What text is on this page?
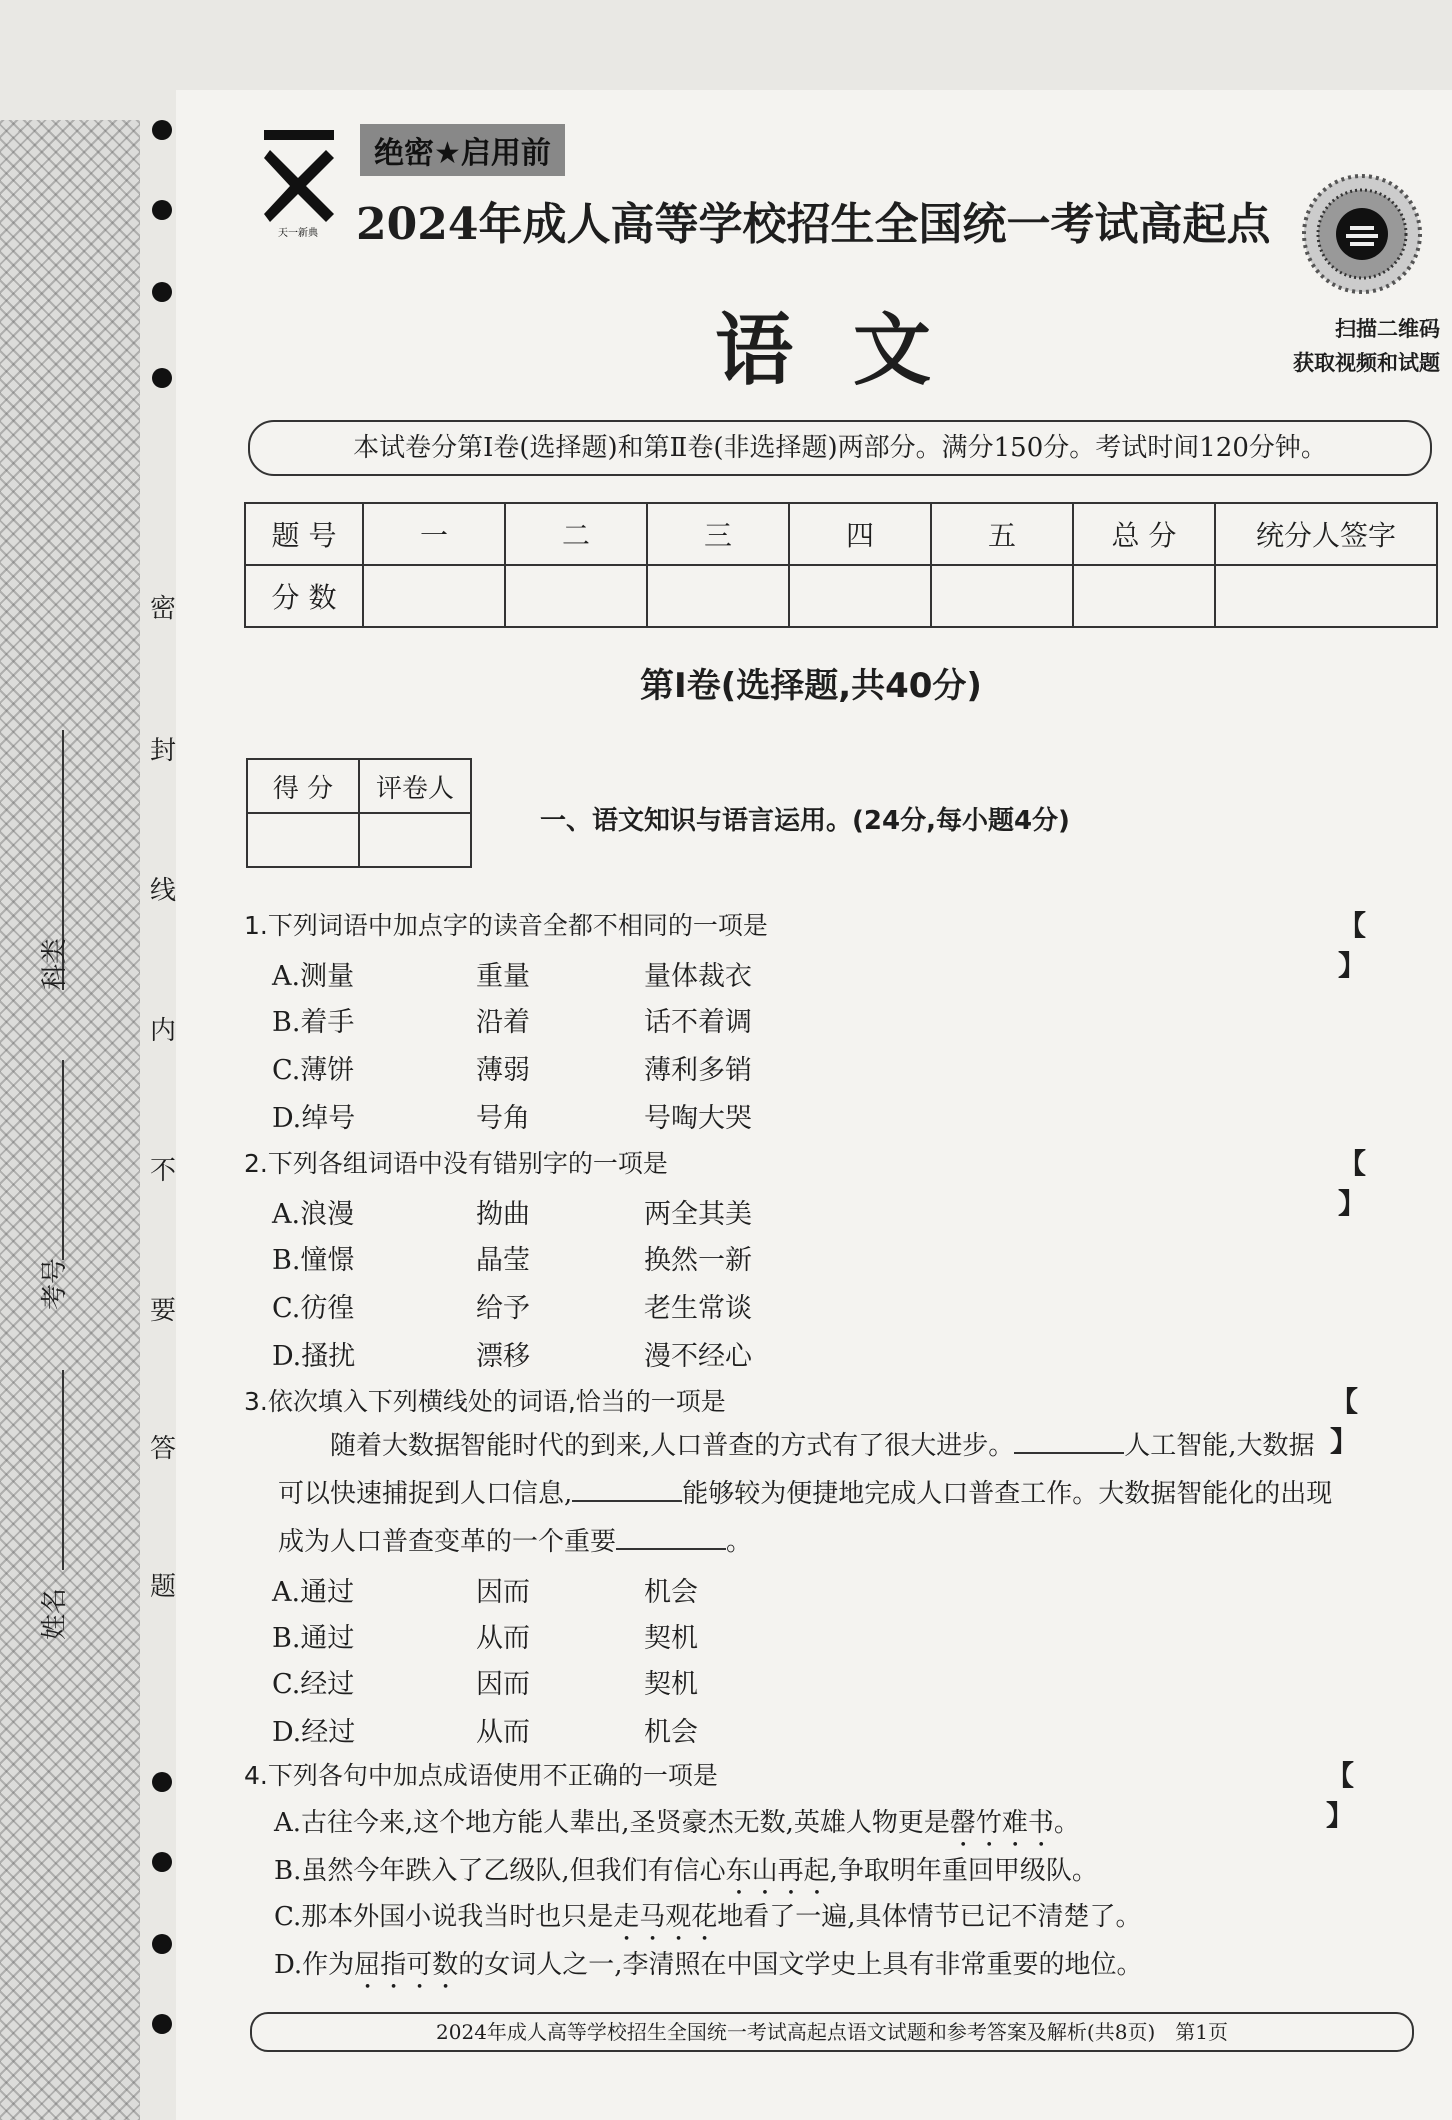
科类
考号
姓名
密
封
线
内
不
要
答
题
天一新典
绝密★启用前
2024年成人高等学校招生全国统一考试高起点
语文	扫描二维码
获取视频和试题
本试卷分第Ⅰ卷(选择题)和第Ⅱ卷(非选择题)两部分。满分150分。考试时间120分钟。
题 号	一	二	三	四	五	总 分	统分人签字
分 数							
第Ⅰ卷(选择题,共40分)
得 分	评卷人

一、语文知识与语言运用。(24分,每小题4分)
1.下列词语中加点字的读音全都不相同的一项是	【 】
A.测量	重量	量体裁衣
B.着手	沿着	话不着调
C.薄饼	薄弱	薄利多销
D.绰号	号角	号啕大哭
2.下列各组词语中没有错别字的一项是	【 】
A.浪漫	拗曲	两全其美
B.憧憬	晶莹	换然一新
C.彷徨	给予	老生常谈
D.搔扰	漂移	漫不经心
3.依次填入下列横线处的词语,恰当的一项是	【 】
随着大数据智能时代的到来,人口普查的方式有了很大进步。	人工智能,大数据
可以快速捕捉到人口信息,	能够较为便捷地完成人口普查工作。大数据智能化的出现
成为人口普查变革的一个重要	。
A.通过	因而	机会
B.通过	从而	契机
C.经过	因而	契机
D.经过	从而	机会
4.下列各句中加点成语使用不正确的一项是	【 】
A.古往今来,这个地方能人辈出,圣贤豪杰无数,英雄人物更是罄竹难书。
B.虽然今年跌入了乙级队,但我们有信心东山再起,争取明年重回甲级队。
C.那本外国小说我当时也只是走马观花地看了一遍,具体情节已记不清楚了。
D.作为屈指可数的女词人之一,李清照在中国文学史上具有非常重要的地位。
2024年成人高等学校招生全国统一考试高起点语文试题和参考答案及解析(共8页)　第1页
